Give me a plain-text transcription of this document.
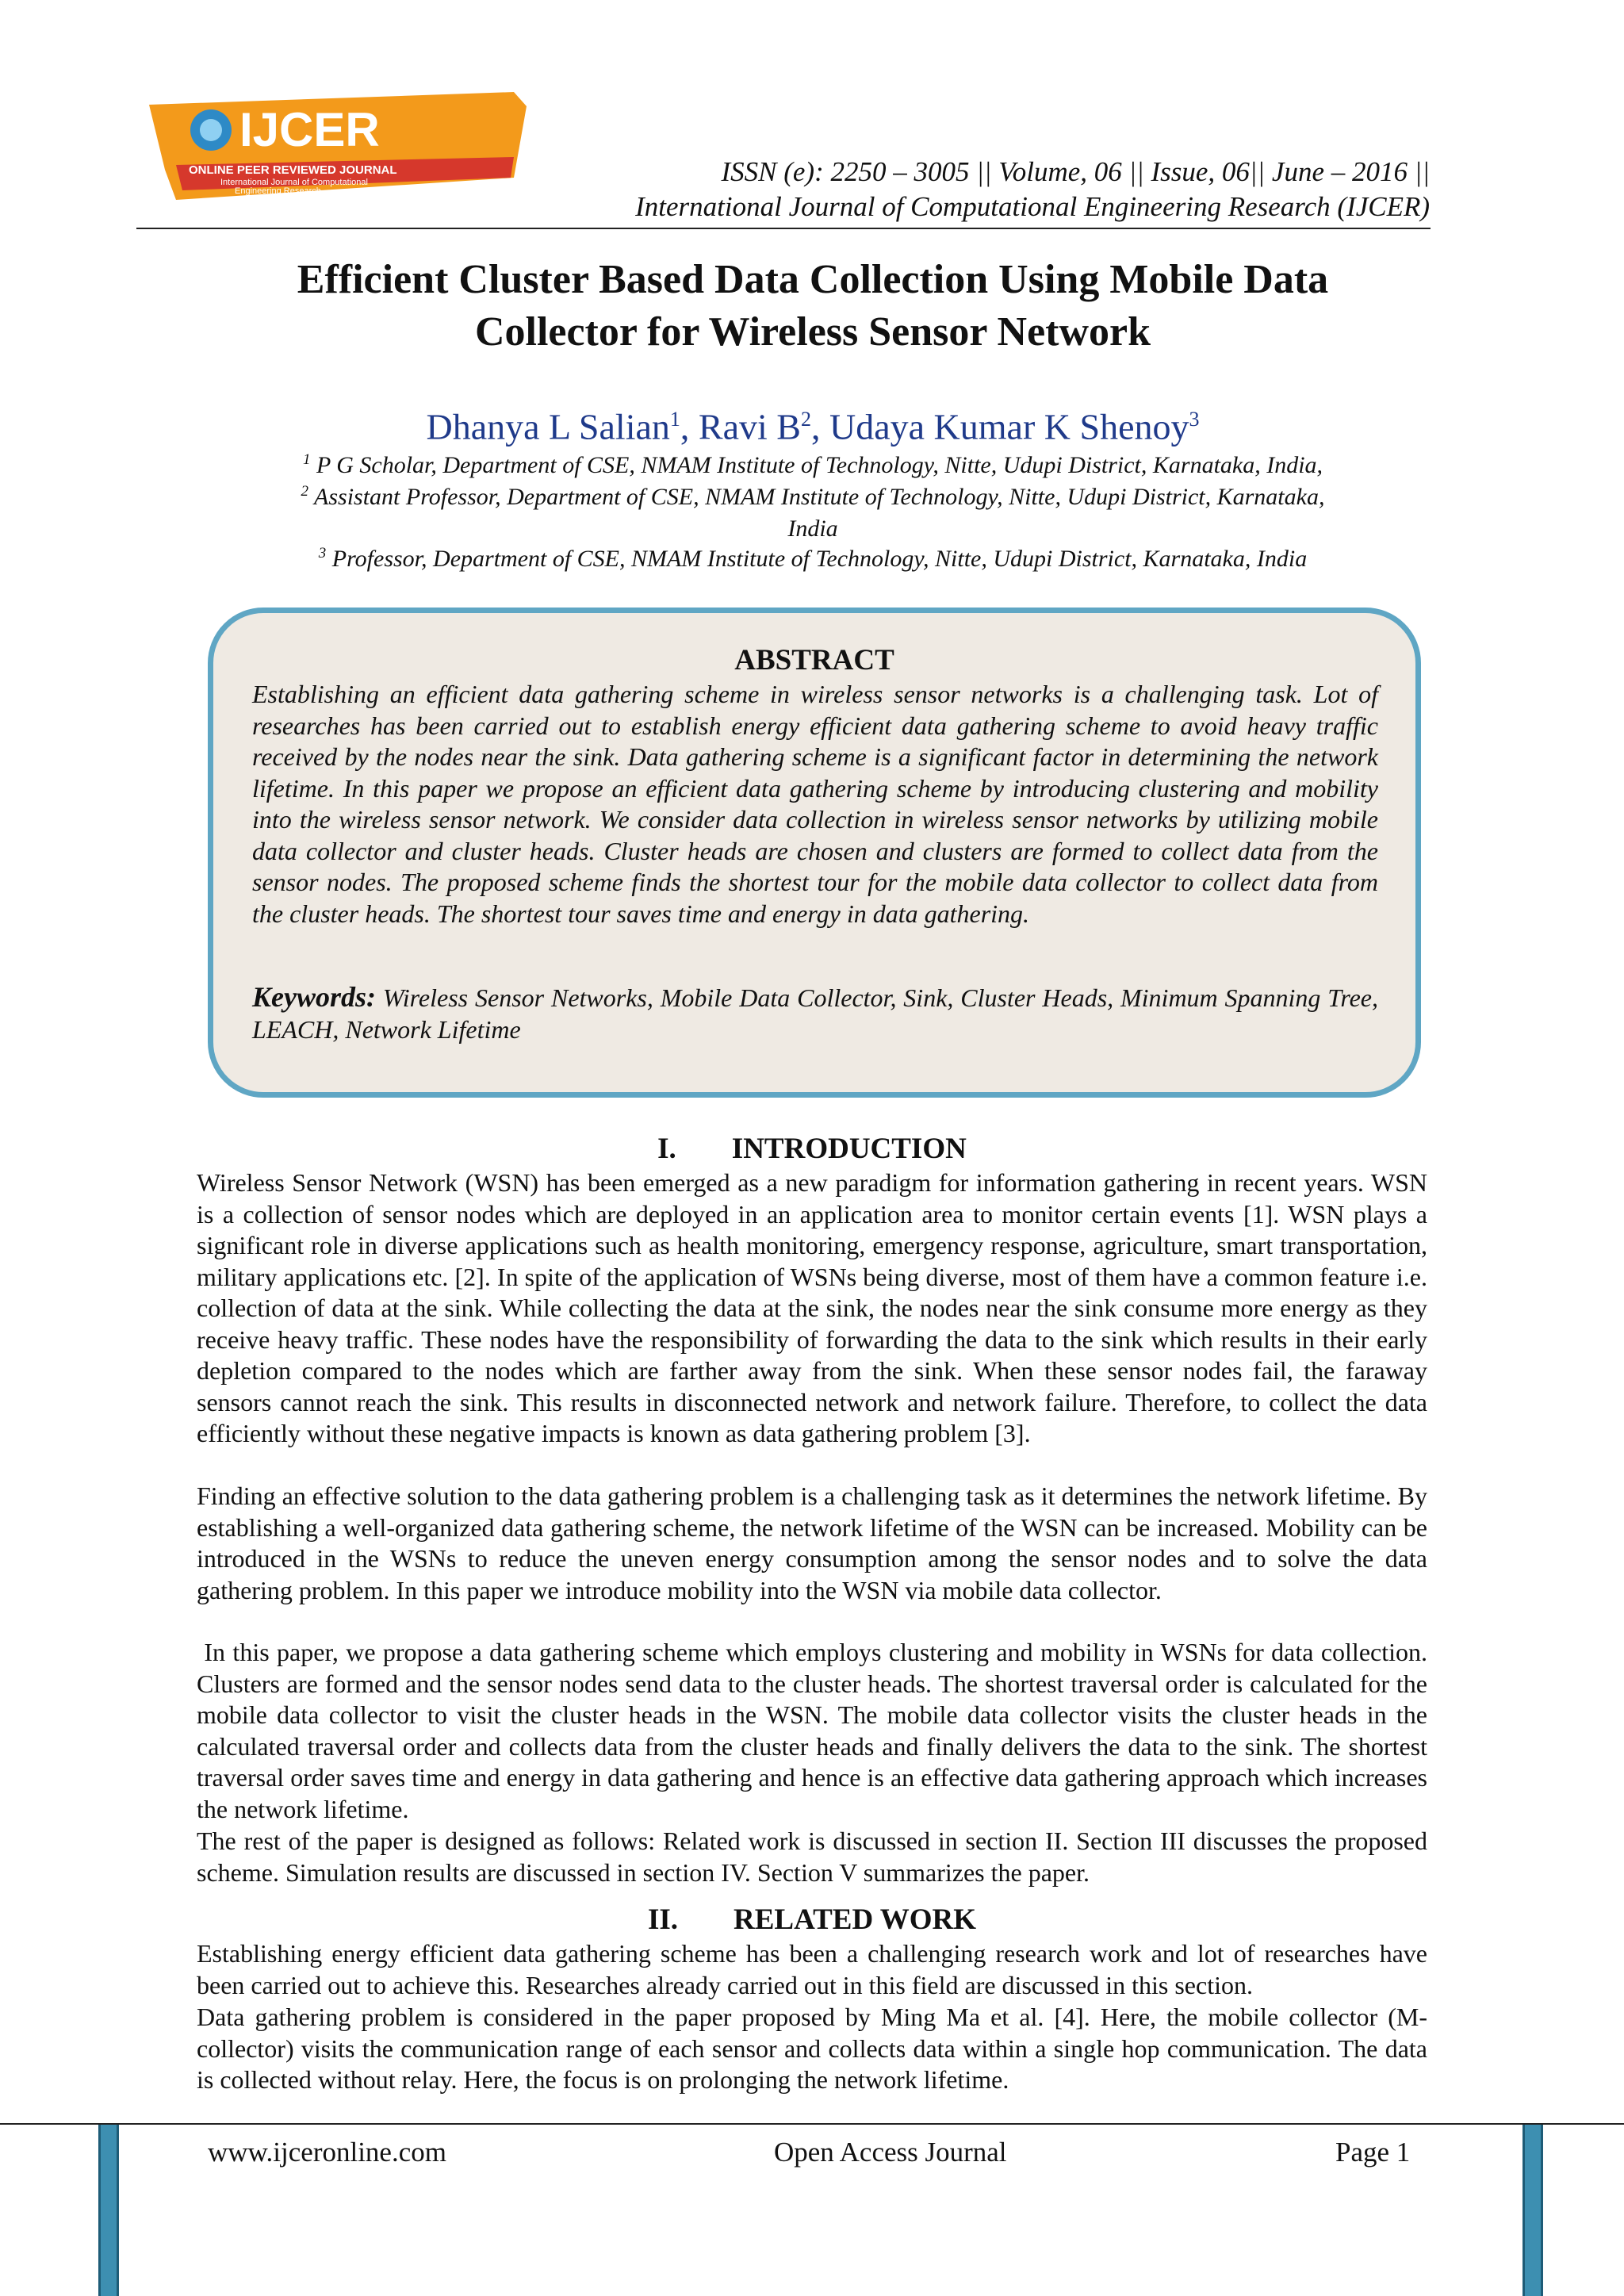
IJCER
ONLINE PEER REVIEWED JOURNAL
International Journal of Computational
Engineering Research
ISSN (e): 2250 – 3005 || Volume, 06 || Issue, 06|| June – 2016 ||
International Journal of Computational Engineering Research (IJCER)
Efficient Cluster Based Data Collection Using Mobile Data
Collector for Wireless Sensor Network
Dhanya L Salian$^1$, Ravi $B^2$, Udaya Kumar K Shenoy$^3$
$^1$ P G Scholar, Department of CSE, NMAM Institute of Technology, Nitte, Udupi District, Karnataka, India,
$^2$ Assistant Professor, Department of CSE, NMAM Institute of Technology, Nitte, Udupi District, Karnataka,
India
$^3$ Professor, Department of CSE, NMAM Institute of Technology, Nitte, Udupi District, Karnataka, India
ABSTRACT

Establishing an efficient data gathering scheme in wireless sensor networks is a challenging task. Lot of researches has been carried out to establish energy efficient data gathering scheme to avoid heavy traffic received by the nodes near the sink. Data gathering scheme is a significant factor in determining the network lifetime. In this paper we propose an efficient data gathering scheme by introducing clustering and mobility into the wireless sensor network. We consider data collection in wireless sensor networks by utilizing mobile data collector and cluster heads. Cluster heads are chosen and clusters are formed to collect data from the sensor nodes. The proposed scheme finds the shortest tour for the mobile data collector to collect data from the cluster heads. The shortest tour saves time and energy in data gathering.

Keywords: Wireless Sensor Networks, Mobile Data Collector, Sink, Cluster Heads, Minimum Spanning Tree, LEACH, Network Lifetime

I. INTRODUCTION

Wireless Sensor Network (WSN) has been emerged as a new paradigm for information gathering in recent years. WSN is a collection of sensor nodes which are deployed in an application area to monitor certain events [1]. WSN plays a significant role in diverse applications such as health monitoring, emergency response, agriculture, smart transportation, military applications etc. [2]. In spite of the application of WSNs being diverse, most of them have a common feature i.e. collection of data at the sink. While collecting the data at the sink, the nodes near the sink consume more energy as they receive heavy traffic. These nodes have the responsibility of forwarding the data to the sink which results in their early depletion compared to the nodes which are farther away from the sink. When these sensor nodes fail, the faraway sensors cannot reach the sink. This results in disconnected network and network failure. Therefore, to collect the data efficiently without these negative impacts is known as data gathering problem [3].

Finding an effective solution to the data gathering problem is a challenging task as it determines the network lifetime. By establishing a well-organized data gathering scheme, the network lifetime of the WSN can be increased. Mobility can be introduced in the WSNs to reduce the uneven energy consumption among the sensor nodes and to solve the data gathering problem. In this paper we introduce mobility into the WSN via mobile data collector.

In this paper, we propose a data gathering scheme which employs clustering and mobility in WSNs for data collection. Clusters are formed and the sensor nodes send data to the cluster heads. The shortest traversal order is calculated for the mobile data collector to visit the cluster heads in the WSN. The mobile data collector visits the cluster heads in the calculated traversal order and collects data from the cluster heads and finally delivers the data to the sink. The shortest traversal order saves time and energy in data gathering and hence is an effective data gathering approach which increases the network lifetime.

The rest of the paper is designed as follows: Related work is discussed in section II. Section III discusses the proposed scheme. Simulation results are discussed in section IV. Section V summarizes the paper.

II. RELATED WORK

Establishing energy efficient data gathering scheme has been a challenging research work and lot of researches have been carried out to achieve this. Researches already carried out in this field are discussed in this section.

Data gathering problem is considered in the paper proposed by Ming Ma et al. [4]. Here, the mobile collector (M-collector) visits the communication range of each sensor and collects data within a single hop communication. The data is collected without relay. Here, the focus is on prolonging the network lifetime.

www.ijceronline.com	Open Access Journal	Page 1
